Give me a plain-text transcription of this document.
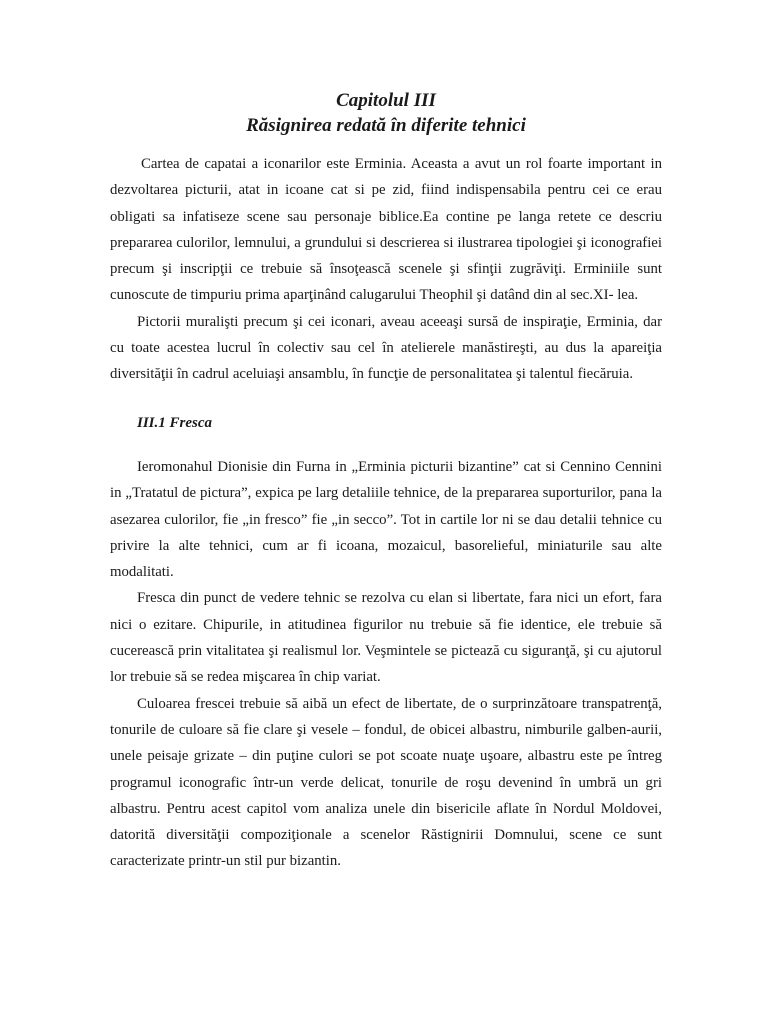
Capitolul III

Răsignirea redată în diferite tehnici

Cartea de capatai a iconarilor este Erminia. Aceasta a avut un rol foarte important in dezvoltarea picturii, atat in icoane cat si pe zid, fiind indispensabila pentru cei ce erau obligati sa infatiseze scene sau personaje biblice.Ea contine pe langa retete ce descriu prepararea culorilor, lemnului, a grundului si descrierea si ilustrarea tipologiei şi iconografiei precum şi inscripţii ce trebuie să însoţească scenele şi sfinţii zugrăviţi. Erminiile sunt cunoscute de timpuriu prima aparţinând calugarului Theophil şi datând din al sec.XI- lea.

Pictorii muralişti precum şi cei iconari, aveau aceeaşi sursă de inspiraţie, Erminia, dar cu toate acestea lucrul în colectiv sau cel în atelierele manăstireşti, au dus la apareiţia diversităţii în cadrul aceluiaşi ansamblu, în funcţie de personalitatea şi talentul fiecăruia.

III.1 Fresca

Ieromonahul Dionisie din Furna in „Erminia picturii bizantine” cat si Cennino Cennini in „Tratatul de pictura”, expica pe larg detaliile tehnice, de la prepararea suporturilor, pana la asezarea culorilor, fie „in fresco” fie „in secco”. Tot in cartile lor ni se dau detalii tehnice cu privire la alte tehnici, cum ar fi icoana, mozaicul, basorelieful, miniaturile sau alte modalitati.

Fresca din punct de vedere tehnic se rezolva cu elan si libertate, fara nici un efort, fara nici o ezitare. Chipurile, in atitudinea figurilor nu trebuie să fie identice, ele trebuie să cucerească prin vitalitatea şi realismul lor. Veşmintele se pictează cu siguranţă, şi cu ajutorul lor trebuie să se redea mişcarea în chip variat.

Culoarea frescei trebuie să aibă un efect de libertate, de o surprinzătoare transpatrenţă, tonurile de culoare să fie clare şi vesele – fondul, de obicei albastru, nimburile galben-aurii, unele peisaje grizate – din puţine culori se pot scoate nuaţe uşoare, albastru este pe întreg programul iconografic într-un verde delicat, tonurile de roşu devenind în umbră un gri albastru. Pentru acest capitol vom analiza unele din bisericile aflate în Nordul Moldovei, datorită diversităţii compoziţionale a scenelor Răstignirii Domnului, scene ce sunt caracterizate printr-un stil pur bizantin.
